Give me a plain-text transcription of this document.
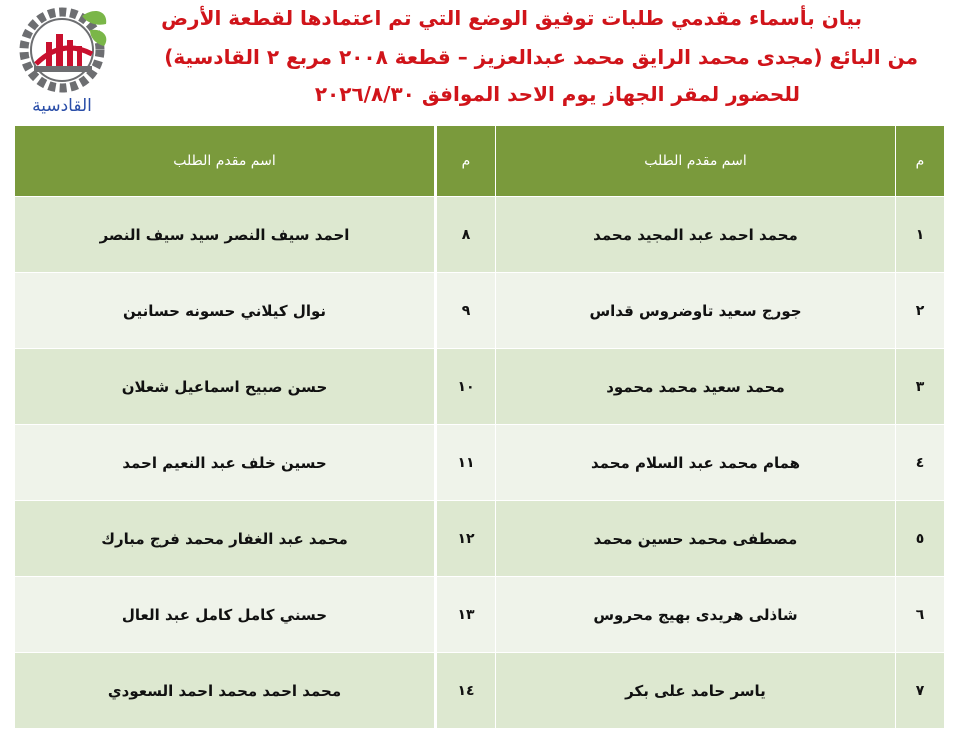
القادسية
بيان بأسماء مقدمي طلبات توفيق الوضع التي تم اعتمادها لقطعة الأرض
من البائع (مجدى محمد الرايق محمد عبدالعزيز – قطعة ٢٠٠٨ مربع ٢ القادسية)
للحضور لمقر الجهاز يوم الاحد الموافق ٢٠٢٦/٨/٣٠
اسم مقدم الطلب	م	اسم مقدم الطلب	م
احمد سيف النصر سيد سيف النصر	٨	محمد احمد عبد المجيد محمد	١
نوال كيلاني حسونه حسانين	٩	جورج سعيد تاوضروس قداس	٢
حسن صبيح اسماعيل شعلان	١٠	محمد سعيد محمد محمود	٣
حسين خلف عبد النعيم احمد	١١	همام محمد عبد السلام محمد	٤
محمد عبد الغفار محمد فرج مبارك	١٢	مصطفى محمد حسين محمد	٥
حسني كامل كامل عبد العال	١٣	شاذلى هريدى بهيج محروس	٦
محمد احمد محمد احمد السعودي	١٤	ياسر حامد على بكر	٧
